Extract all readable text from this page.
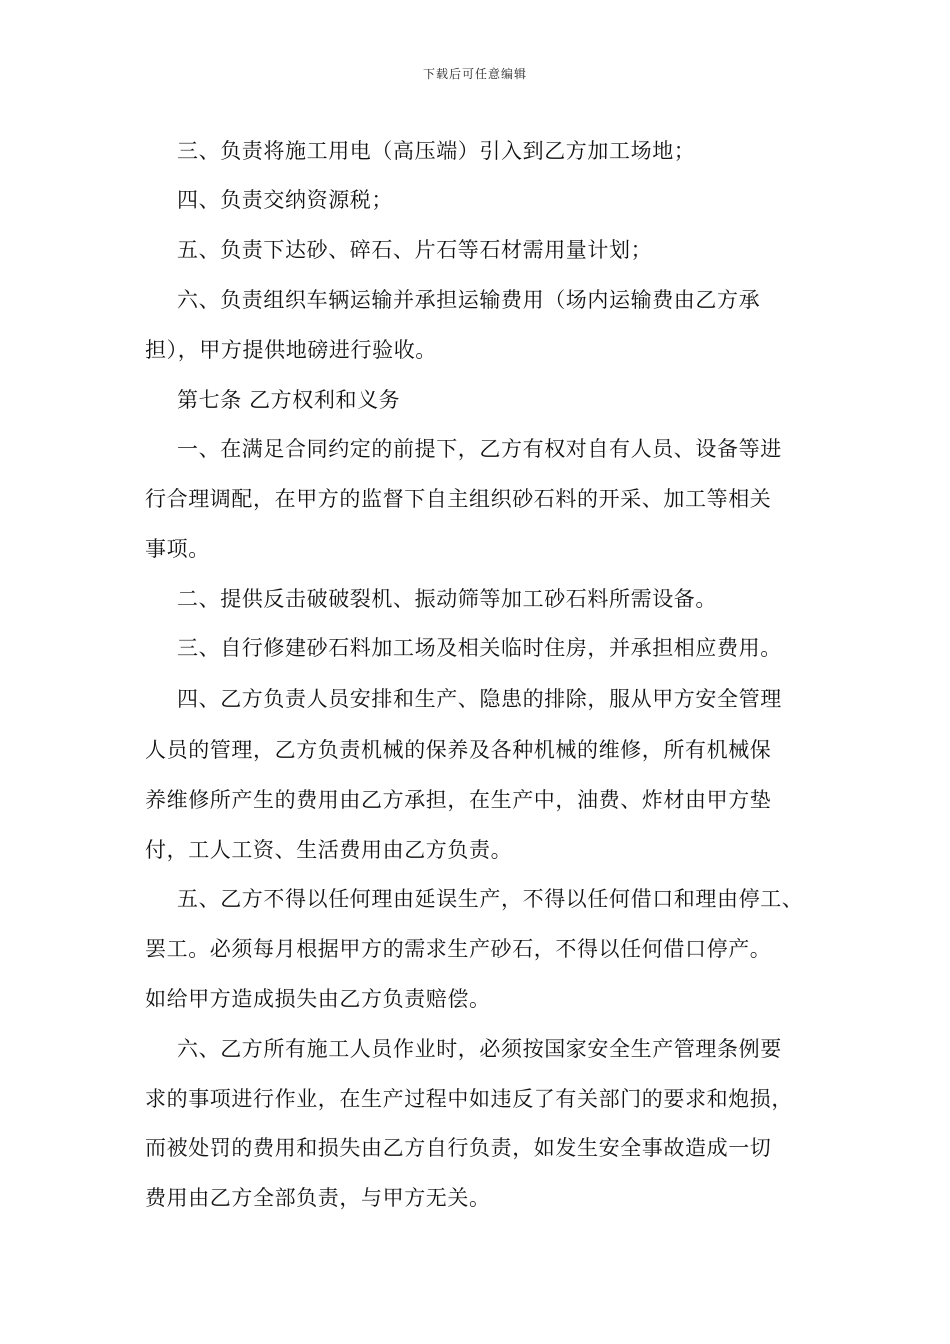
下载后可任意编辑
三、负责将施工用电（高压端）引入到乙方加工场地；
四、负责交纳资源税；
五、负责下达砂、碎石、片石等石材需用量计划；
六、负责组织车辆运输并承担运输费用（场内运输费由乙方承
担），甲方提供地磅进行验收。
第七条 乙方权利和义务
一、在满足合同约定的前提下，乙方有权对自有人员、设备等进
行合理调配，在甲方的监督下自主组织砂石料的开采、加工等相关
事项。
二、提供反击破破裂机、振动筛等加工砂石料所需设备。
三、自行修建砂石料加工场及相关临时住房，并承担相应费用。
四、乙方负责人员安排和生产、隐患的排除，服从甲方安全管理
人员的管理，乙方负责机械的保养及各种机械的维修，所有机械保
养维修所产生的费用由乙方承担，在生产中，油费、炸材由甲方垫
付，工人工资、生活费用由乙方负责。
五、乙方不得以任何理由延误生产，不得以任何借口和理由停工、
罢工。必须每月根据甲方的需求生产砂石，不得以任何借口停产。
如给甲方造成损失由乙方负责赔偿。
六、乙方所有施工人员作业时，必须按国家安全生产管理条例要
求的事项进行作业，在生产过程中如违反了有关部门的要求和炮损，
而被处罚的费用和损失由乙方自行负责，如发生安全事故造成一切
费用由乙方全部负责，与甲方无关。
